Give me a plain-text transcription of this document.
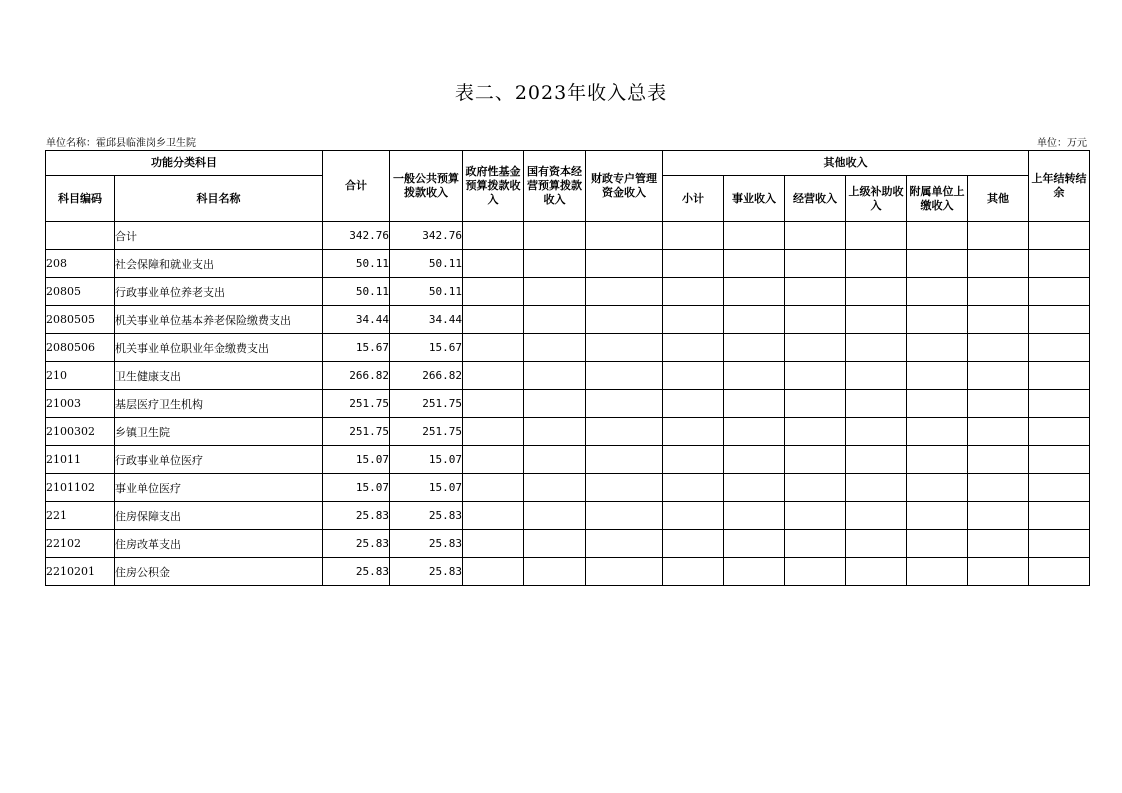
表二、2023年收入总表
单位名称：霍邱县临淮岗乡卫生院	单位：万元
功能分类科目		合计	一般公共预算拨款收入	政府性基金预算拨款收入	国有资本经营预算拨款收入	财政专户管理资金收入	其他收入						上年结转结余
科目编码	科目名称						小计	事业收入	经营收入	上级补助收入	附属单位上缴收入	其他	
	合计	342.76	342.76										
208	社会保障和就业支出	50.11	50.11										
20805	行政事业单位养老支出	50.11	50.11										
2080505	机关事业单位基本养老保险缴费支出	34.44	34.44										
2080506	机关事业单位职业年金缴费支出	15.67	15.67										
210	卫生健康支出	266.82	266.82										
21003	基层医疗卫生机构	251.75	251.75										
2100302	乡镇卫生院	251.75	251.75										
21011	行政事业单位医疗	15.07	15.07										
2101102	事业单位医疗	15.07	15.07										
221	住房保障支出	25.83	25.83										
22102	住房改革支出	25.83	25.83										
2210201	住房公积金	25.83	25.83										
